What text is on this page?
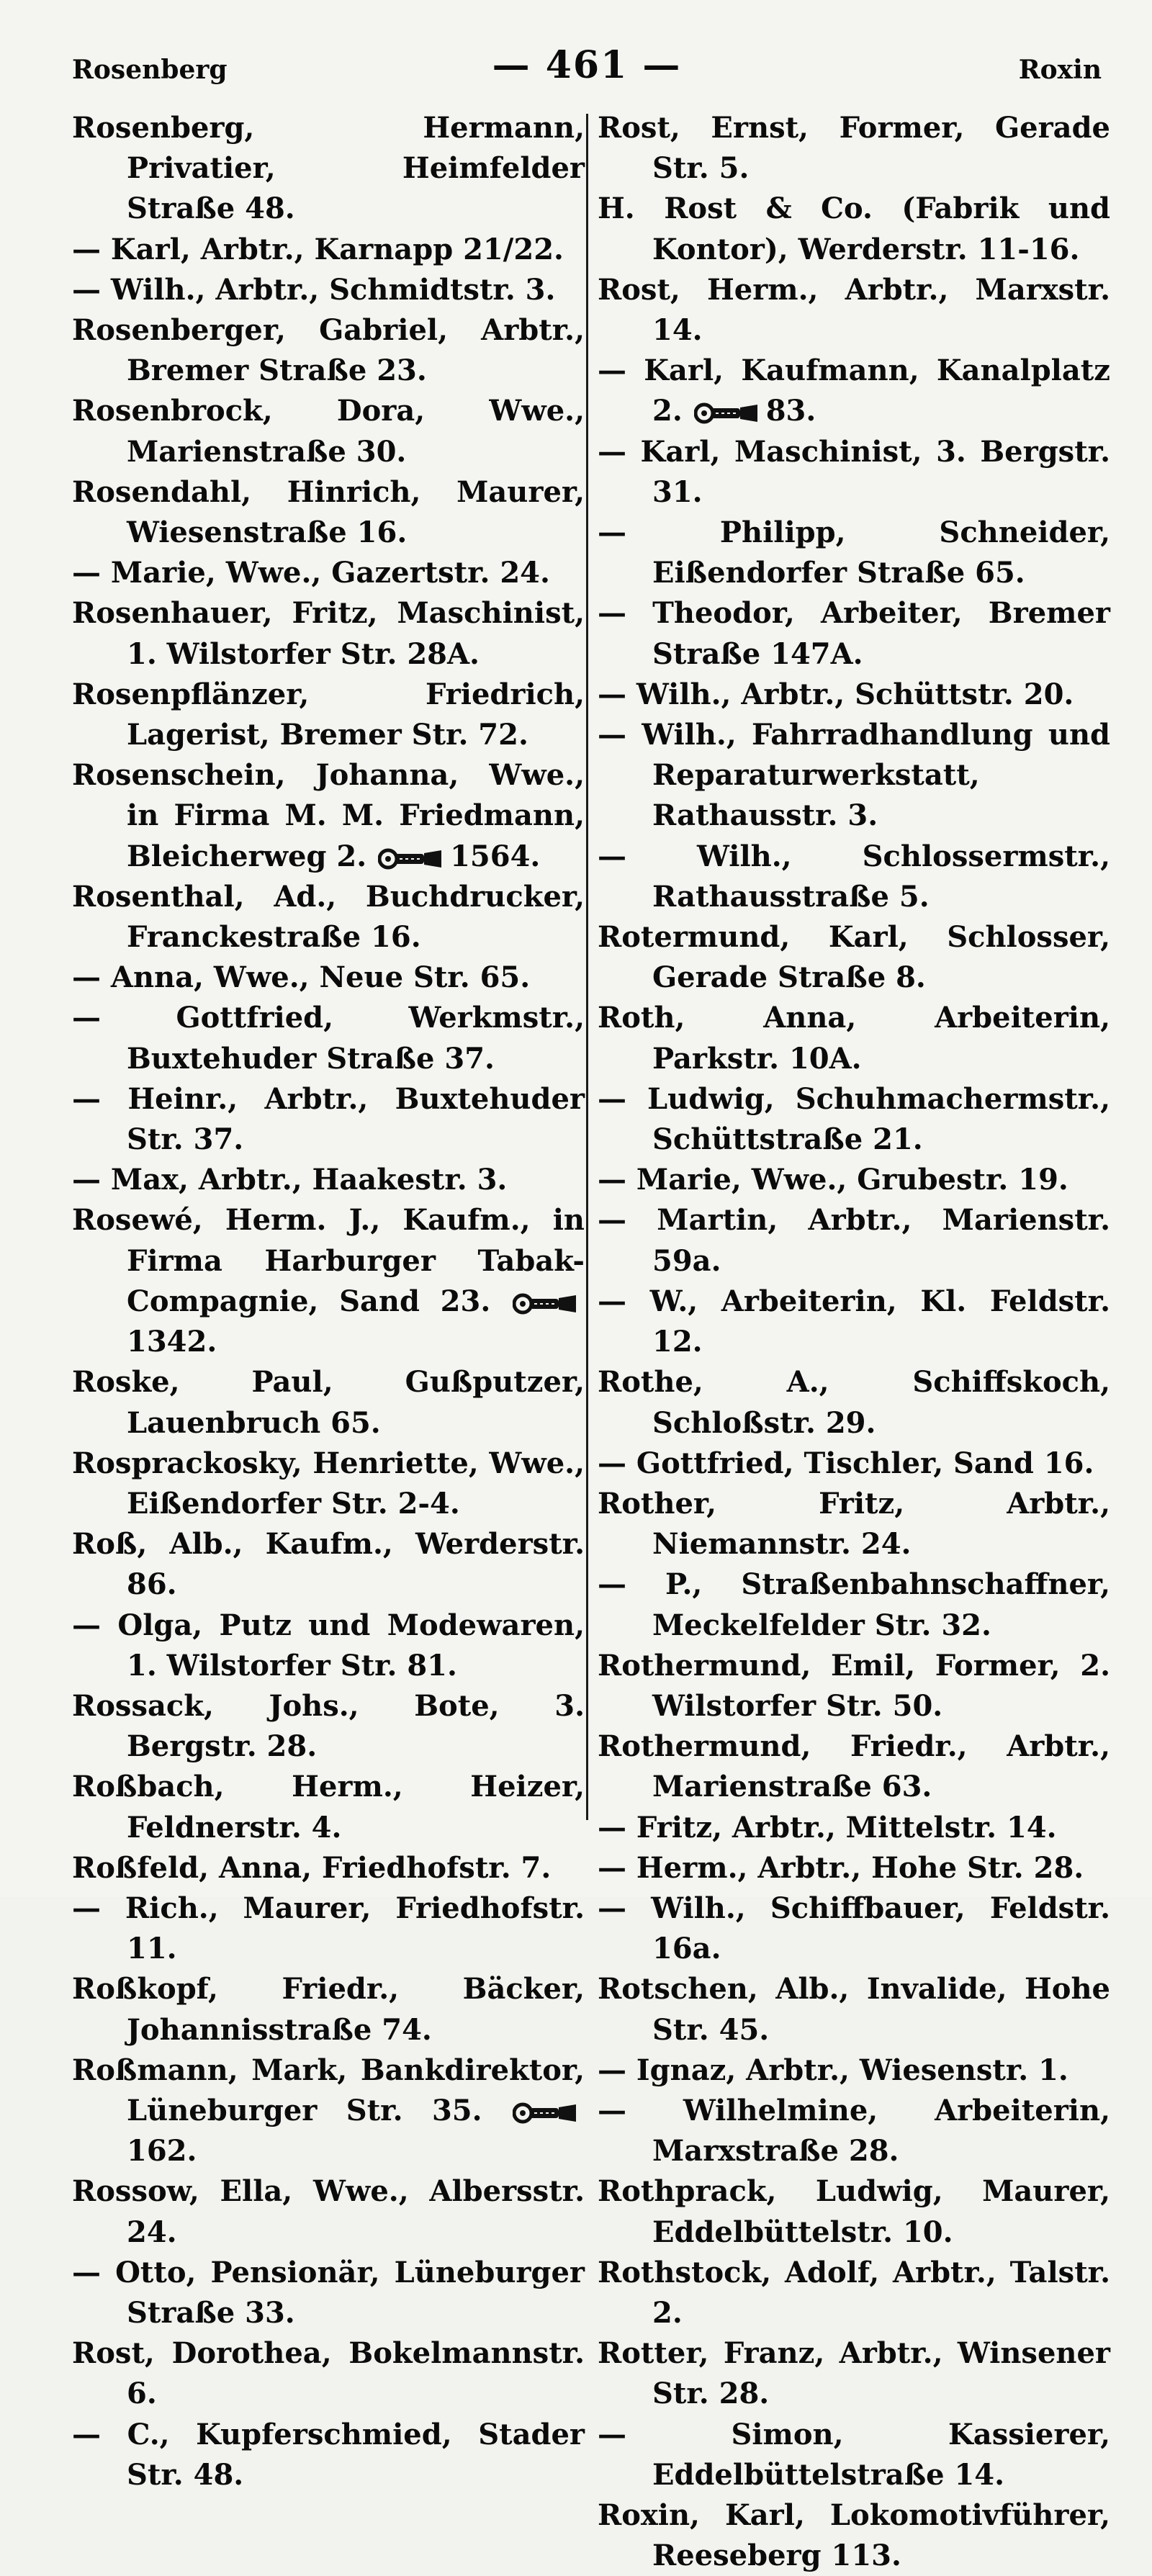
Rosenberg	— 461 —	Roxin

Rosenberg, Hermann, Privatier, Heimfelder Straße 48.

— Karl, Arbtr., Karnapp 21/22.

— Wilh., Arbtr., Schmidtstr. 3.

Rosenberger, Gabriel, Arbtr., Bremer Straße 23.

Rosenbrock, Dora, Wwe., Marienstraße 30.

Rosendahl, Hinrich, Maurer, Wiesenstraße 16.

— Marie, Wwe., Gazertstr. 24.

Rosenhauer, Fritz, Maschinist, 1. Wilstorfer Str. 28A.

Rosenpflänzer, Friedrich, Lagerist, Bremer Str. 72.

Rosenschein, Johanna, Wwe., in Firma M. M. Friedmann, Bleicherweg 2.	1564.

Rosenthal, Ad., Buchdrucker, Franckestraße 16.

— Anna, Wwe., Neue Str. 65.

— Gottfried, Werkmstr., Buxtehuder Straße 37.

— Heinr., Arbtr., Buxtehuder Str. 37.

— Max, Arbtr., Haakestr. 3.

Rosewé, Herm. J., Kaufm., in Firma Harburger Tabak-Compagnie, Sand 23.
1342.

Roske, Paul, Gußputzer, Lauenbruch 65.

Rosprackosky, Henriette, Wwe., Eißendorfer Str. 2-4.

Roß, Alb., Kaufm., Werderstr. 86.

— Olga, Putz und Modewaren, 1. Wilstorfer Str. 81.

Rossack, Johs., Bote, 3. Bergstr. 28.

Roßbach, Herm., Heizer, Feldnerstr. 4.

Roßfeld, Anna, Friedhofstr. 7.

— Rich., Maurer, Friedhofstr. 11.

Roßkopf, Friedr., Bäcker, Johannisstraße 74.

Roßmann, Mark, Bankdirektor, Lüneburger Str. 35.
162.

Rossow, Ella, Wwe., Albersstr. 24.

— Otto, Pensionär, Lüneburger Straße 33.

Rost, Dorothea, Bokelmannstr. 6.

— C., Kupferschmied, Stader Str. 48.

Rost, Ernst, Former, Gerade Str. 5.

H. Rost & Co. (Fabrik und Kontor), Werderstr. 11-16.

Rost, Herm., Arbtr., Marxstr. 14.

— Karl, Kaufmann, Kanalplatz 2.	83.

— Karl, Maschinist, 3. Bergstr. 31.

— Philipp, Schneider, Eißendorfer Straße 65.

— Theodor, Arbeiter, Bremer Straße 147A.

— Wilh., Arbtr., Schüttstr. 20.

— Wilh., Fahrradhandlung und Reparaturwerkstatt, Rathausstr. 3.

— Wilh., Schlossermstr., Rathausstraße 5.

Rotermund, Karl, Schlosser, Gerade Straße 8.

Roth, Anna, Arbeiterin, Parkstr. 10A.

— Ludwig, Schuhmachermstr., Schüttstraße 21.

— Marie, Wwe., Grubestr. 19.

— Martin, Arbtr., Marienstr. 59a.

— W., Arbeiterin, Kl. Feldstr. 12.

Rothe, A., Schiffskoch, Schloßstr. 29.

— Gottfried, Tischler, Sand 16.

Rother, Fritz, Arbtr., Niemannstr. 24.

— P., Straßenbahnschaffner, Meckelfelder Str. 32.

Rothermund, Emil, Former, 2. Wilstorfer Str. 50.

Rothermund, Friedr., Arbtr., Marienstraße 63.

— Fritz, Arbtr., Mittelstr. 14.

— Herm., Arbtr., Hohe Str. 28.

— Wilh., Schiffbauer, Feldstr. 16a.

Rotschen, Alb., Invalide, Hohe Str. 45.

— Ignaz, Arbtr., Wiesenstr. 1.

— Wilhelmine, Arbeiterin, Marxstraße 28.

Rothprack, Ludwig, Maurer, Eddelbüttelstr. 10.

Rothstock, Adolf, Arbtr., Talstr. 2.

Rotter, Franz, Arbtr., Winsener Str. 28.

— Simon, Kassierer, Eddelbüttelstraße 14.

Roxin, Karl, Lokomotivführer, Reeseberg 113.
